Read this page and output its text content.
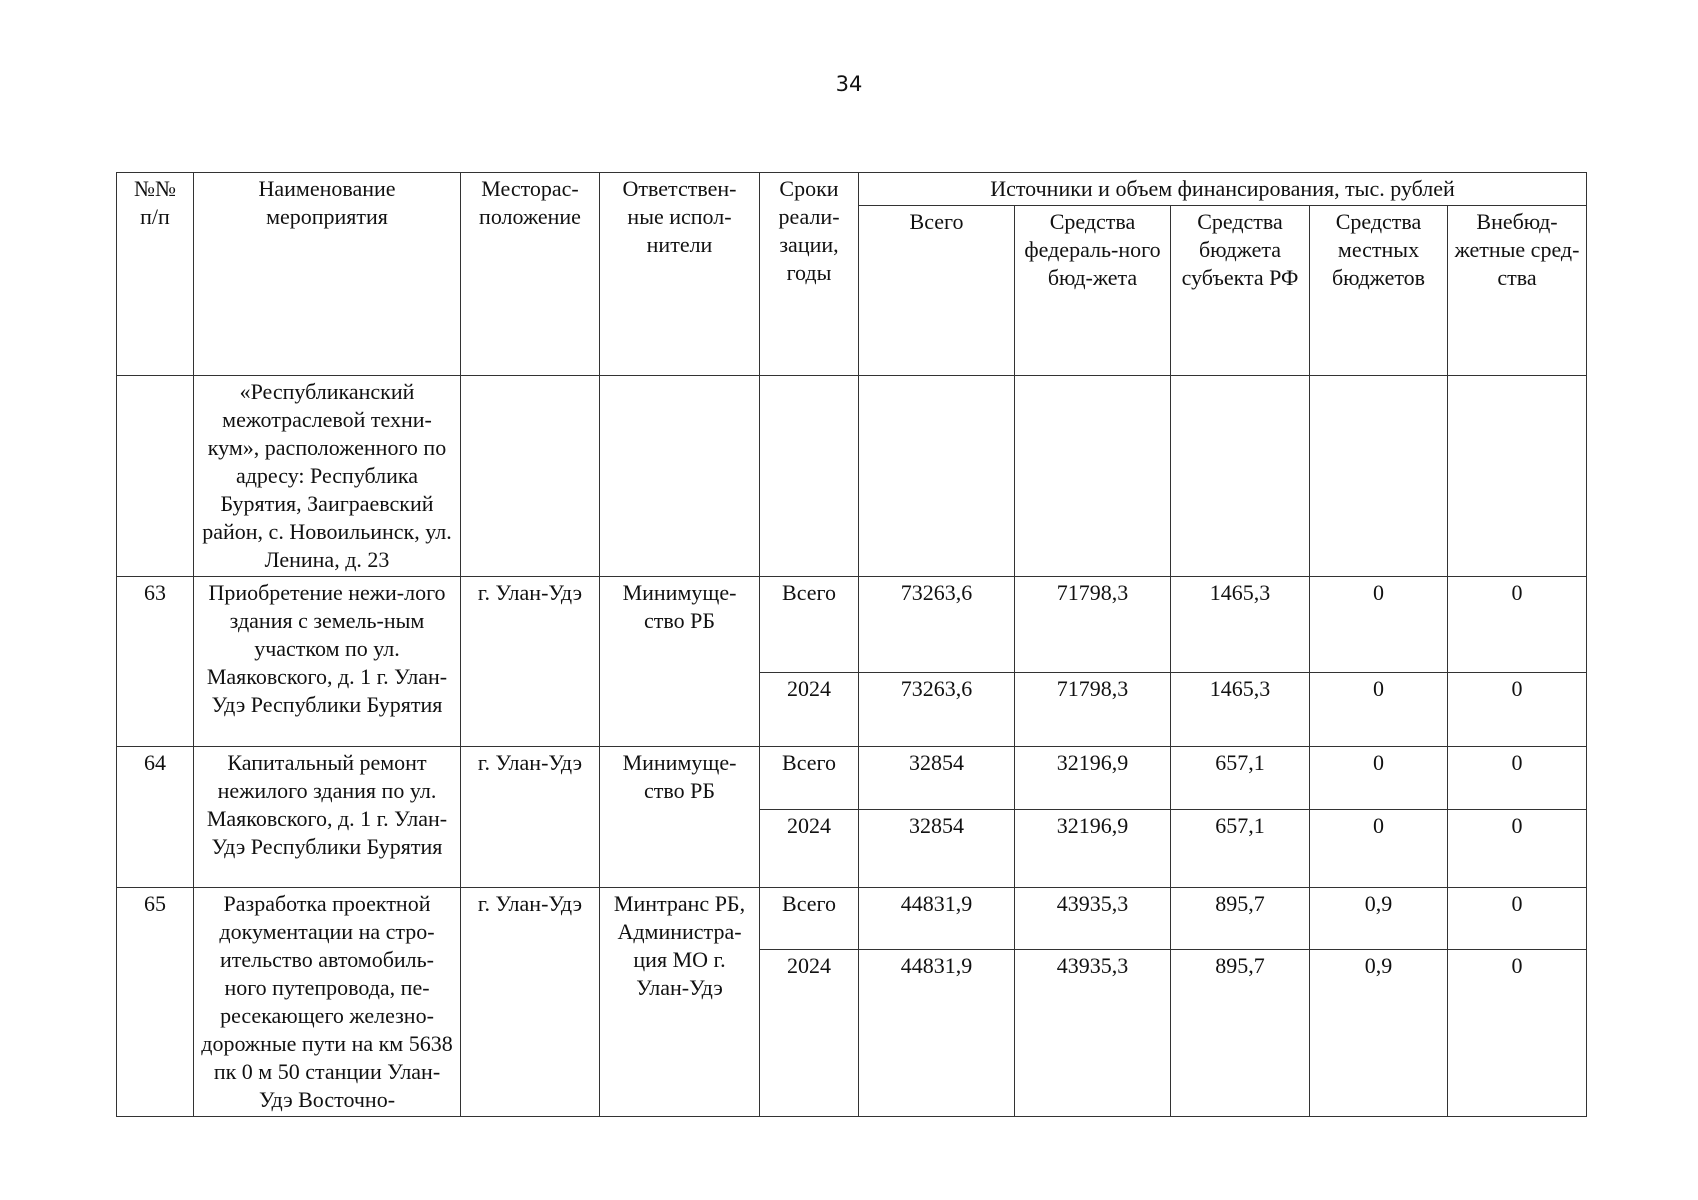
34
№№ п/п	Наименование мероприятия	Месторас-положение	Ответствен-ные испол-нители	Сроки реали-зации, годы	Источники и объем финансирования, тыс. рублей				
					Всего	Средства федераль-ного бюд-жета	Средства бюджета субъекта РФ	Средства местных бюджетов	Внебюд-жетные сред-ства
	«Республиканский межотраслевой техни-кум», расположенного по адресу: Республика Бурятия, Заиграевский район, с. Новоильинск, ул. Ленина, д. 23								
63	Приобретение нежи-лого здания с земель-ным участком по ул. Маяковского, д. 1 г. Улан-Удэ Республики Бурятия	г. Улан-Удэ	Минимуще-ство РБ	Всего	73263,6	71798,3	1465,3	0	0
				2024	73263,6	71798,3	1465,3	0	0
64	Капитальный ремонт нежилого здания по ул. Маяковского, д. 1 г. Улан-Удэ Республики Бурятия	г. Улан-Удэ	Минимуще-ство РБ	Всего	32854	32196,9	657,1	0	0
				2024	32854	32196,9	657,1	0	0
65	Разработка проектной документации на стро-ительство автомобиль-ного путепровода, пе-ресекающего железно-дорожные пути на км 5638 пк 0 м 50 станции Улан-Удэ Восточно-	г. Улан-Удэ	Минтранс РБ, Администра-ция МО г. Улан-Удэ	Всего	44831,9	43935,3	895,7	0,9	0
				2024	44831,9	43935,3	895,7	0,9	0
